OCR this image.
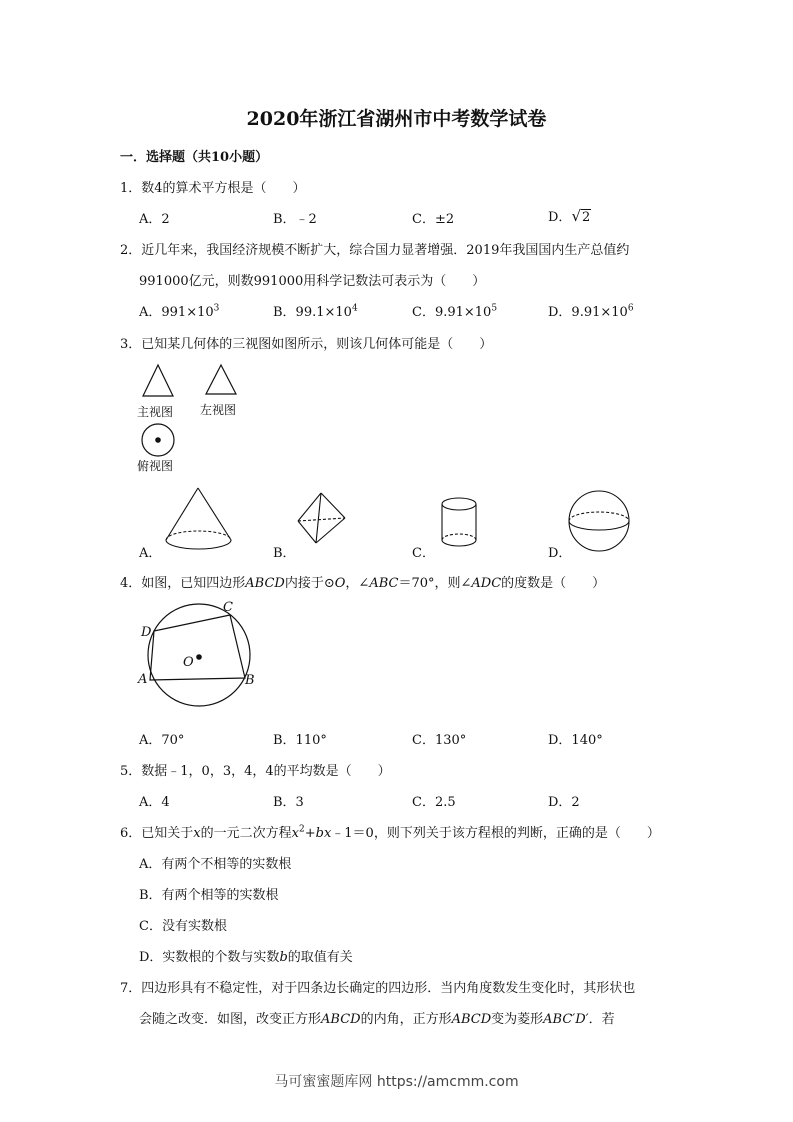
2020年浙江省湖州市中考数学试卷
一．选择题（共10小题）
1．数4的算术平方根是（　　）
A．2	B．﹣2	C．±2	D．√2
2．近几年来，我国经济规模不断扩大，综合国力显著增强．2019年我国国内生产总值约
991000亿元，则数991000用科学记数法可表示为（　　）
A．$991\times 10^3$	B．$99.1\times 10^4$	C．$9.91\times 10^5$	D．$9.91\times 10^6$
3．已知某几何体的三视图如图所示，则该几何体可能是（　　）
主视图 左视图
俯视图
A．	B．	C．	D．
4．如图，已知四边形ABCD内接于⊙O，∠ABC＝70°，则∠ADC的度数是（　　）
C
D
O
A	B
A．70°	B．110°	C．130°	D．140°
5．数据﹣1，0，3，4，4的平均数是（　　）
A．4	B．3	C．2.5	D．2
6．已知关于x的一元二次方程$x^2+bx﹣1=0$，则下列关于该方程根的判断，正确的是（　　）
A．有两个不相等的实数根
B．有两个相等的实数根
C．没有实数根
D．实数根的个数与实数b的取值有关
7．四边形具有不稳定性，对于四条边长确定的四边形．当内角度数发生变化时，其形状也
会随之改变．如图，改变正方形ABCD的内角，正方形ABCD变为菱形ABC′D′．若
马可蜜蜜题库网 https://amcmm.com
